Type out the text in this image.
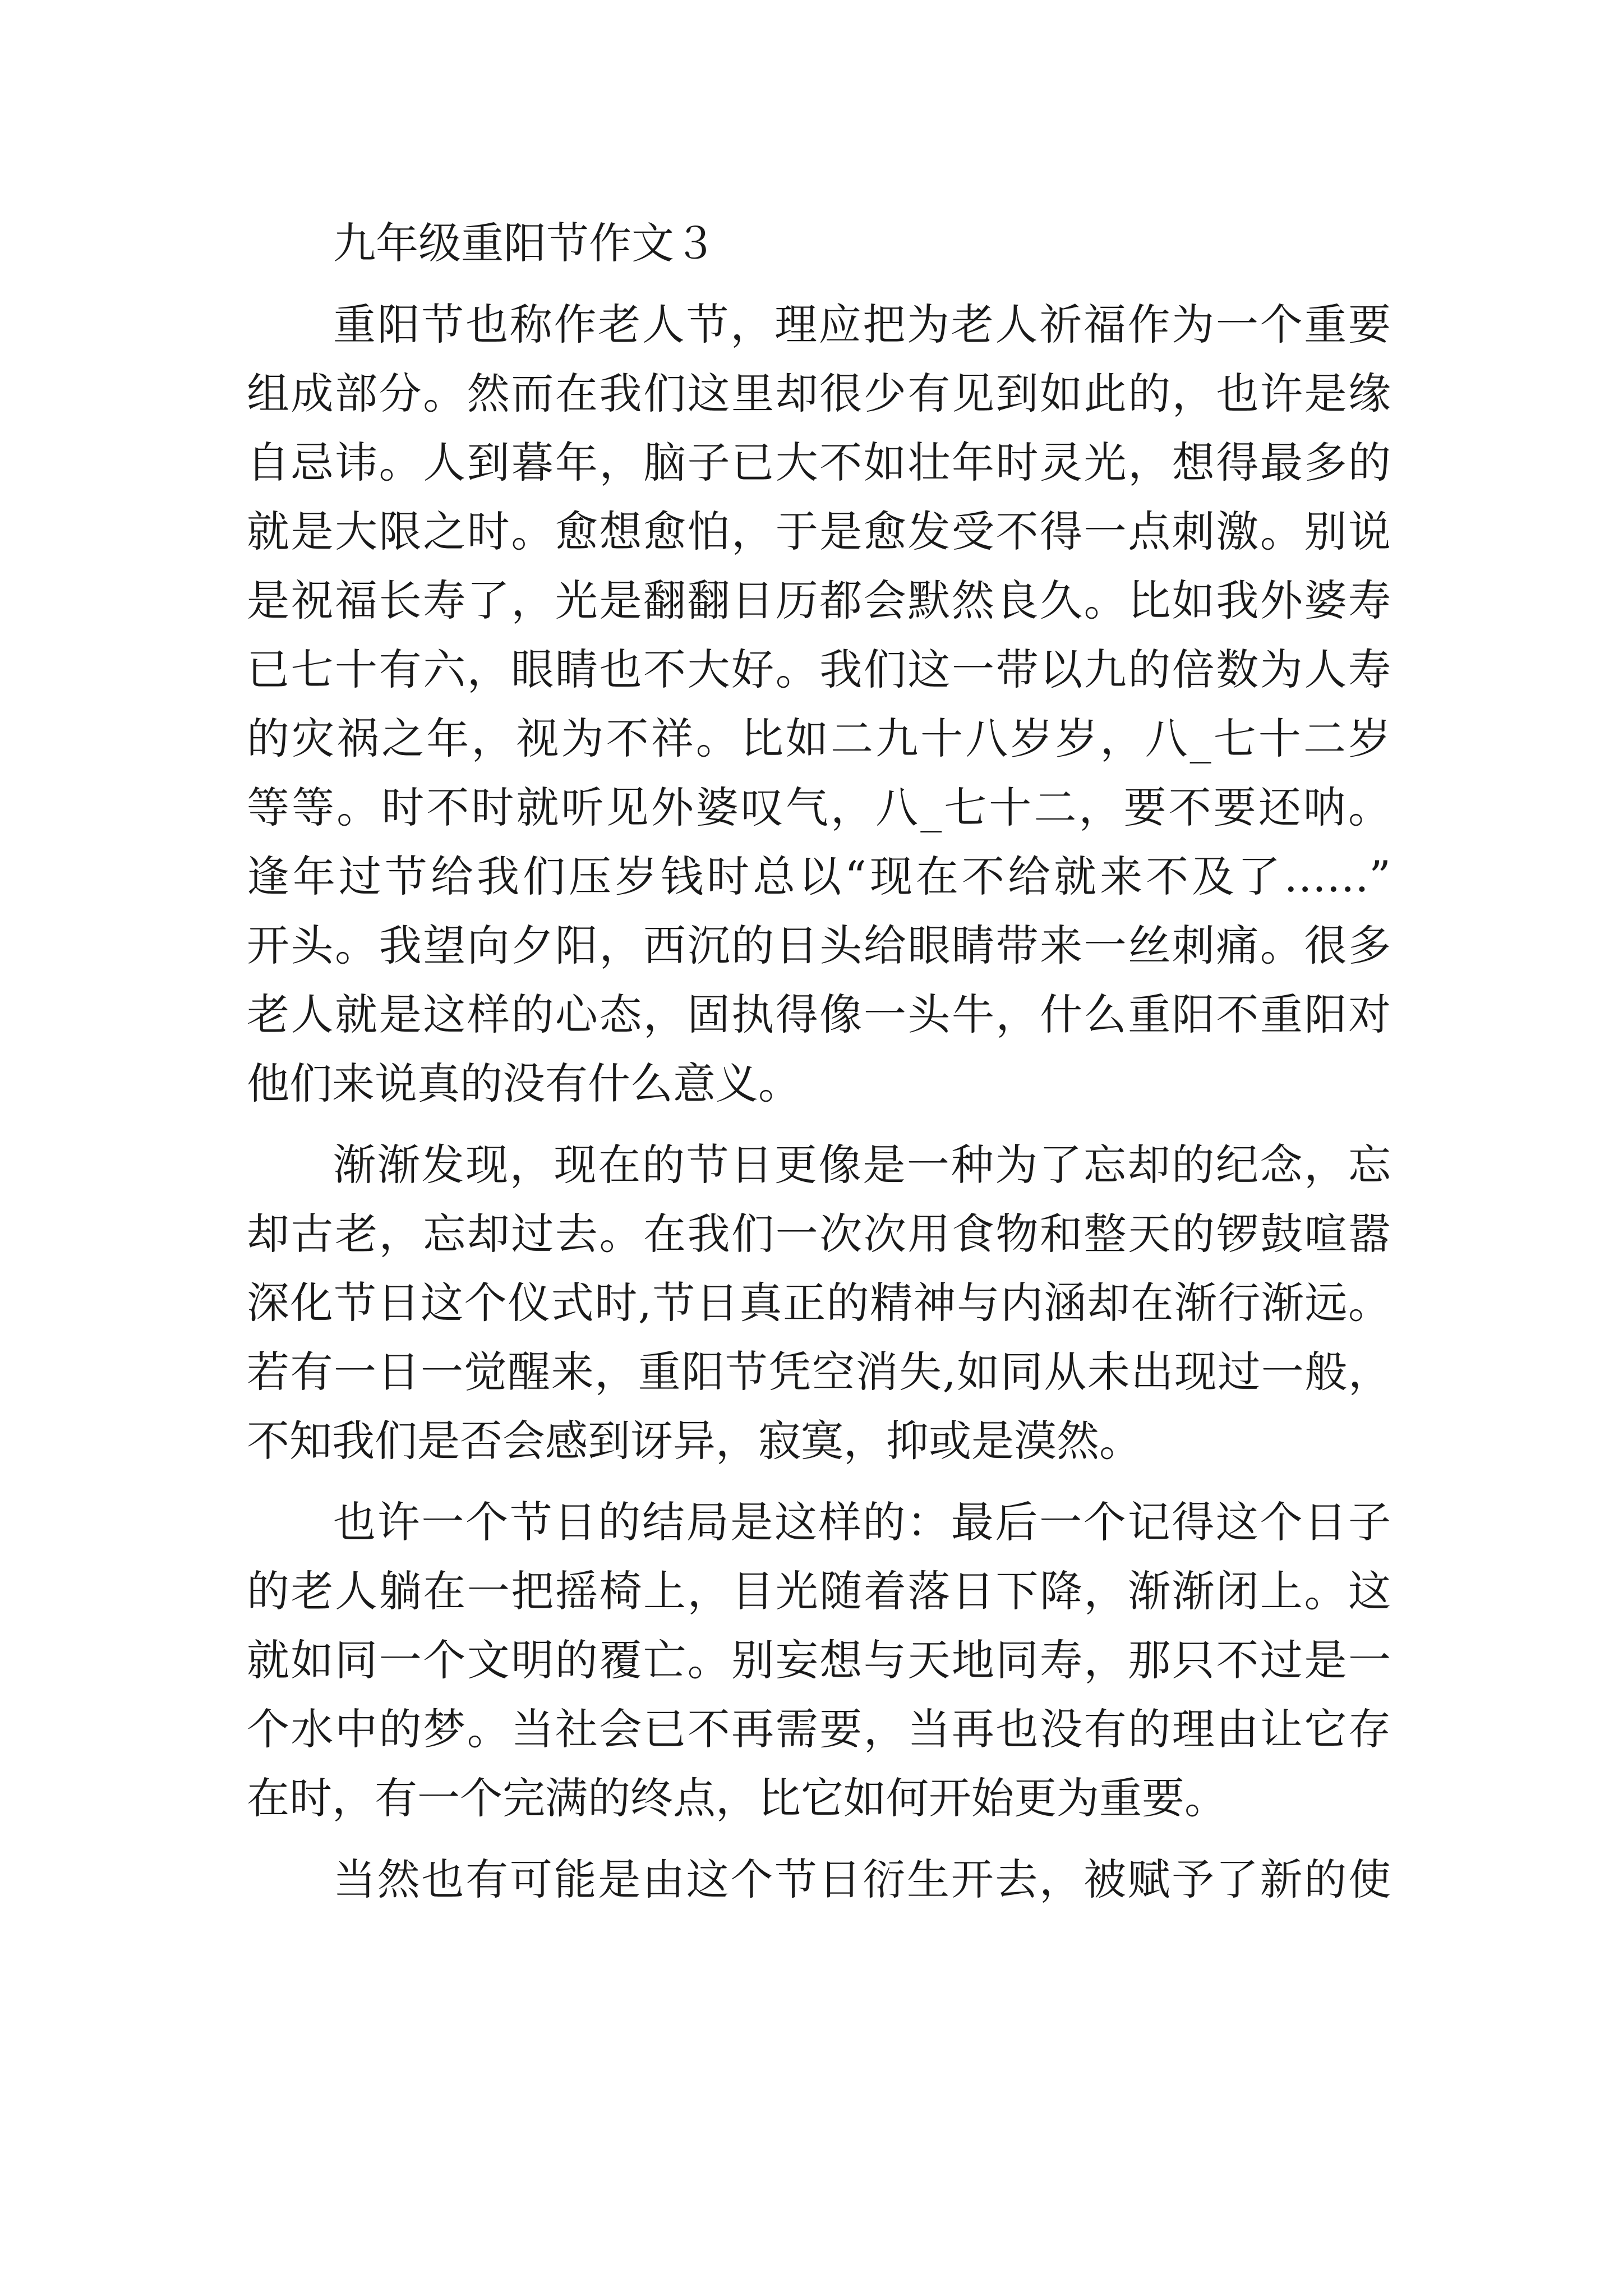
九年级重阳节作文３
重阳节也称作老人节，理应把为老人祈福作为一个重要
组成部分。然而在我们这里却很少有见到如此的，也许是缘
自忌讳。人到暮年，脑子已大不如壮年时灵光，想得最多的
就是大限之时。愈想愈怕，于是愈发受不得一点刺激。别说
是祝福长寿了，光是翻翻日历都会默然良久。比如我外婆寿
已七十有六，眼睛也不大好。我们这一带以九的倍数为人寿
的灾祸之年，视为不祥。比如二九十八岁岁，八_七十二岁
等等。时不时就听见外婆叹气，八_七十二，要不要还呐。
逢年过节给我们压岁钱时总以“现在不给就来不及了……”
开头。我望向夕阳，西沉的日头给眼睛带来一丝刺痛。很多
老人就是这样的心态，固执得像一头牛，什么重阳不重阳对
他们来说真的没有什么意义。
渐渐发现，现在的节日更像是一种为了忘却的纪念，忘
却古老，忘却过去。在我们一次次用食物和整天的锣鼓喧嚣
深化节日这个仪式时,节日真正的精神与内涵却在渐行渐远。
若有一日一觉醒来，重阳节凭空消失,如同从未出现过一般，
不知我们是否会感到讶异，寂寞，抑或是漠然。
也许一个节日的结局是这样的：最后一个记得这个日子
的老人躺在一把摇椅上，目光随着落日下降，渐渐闭上。这
就如同一个文明的覆亡。别妄想与天地同寿，那只不过是一
个水中的梦。当社会已不再需要，当再也没有的理由让它存
在时，有一个完满的终点，比它如何开始更为重要。
当然也有可能是由这个节日衍生开去，被赋予了新的使
